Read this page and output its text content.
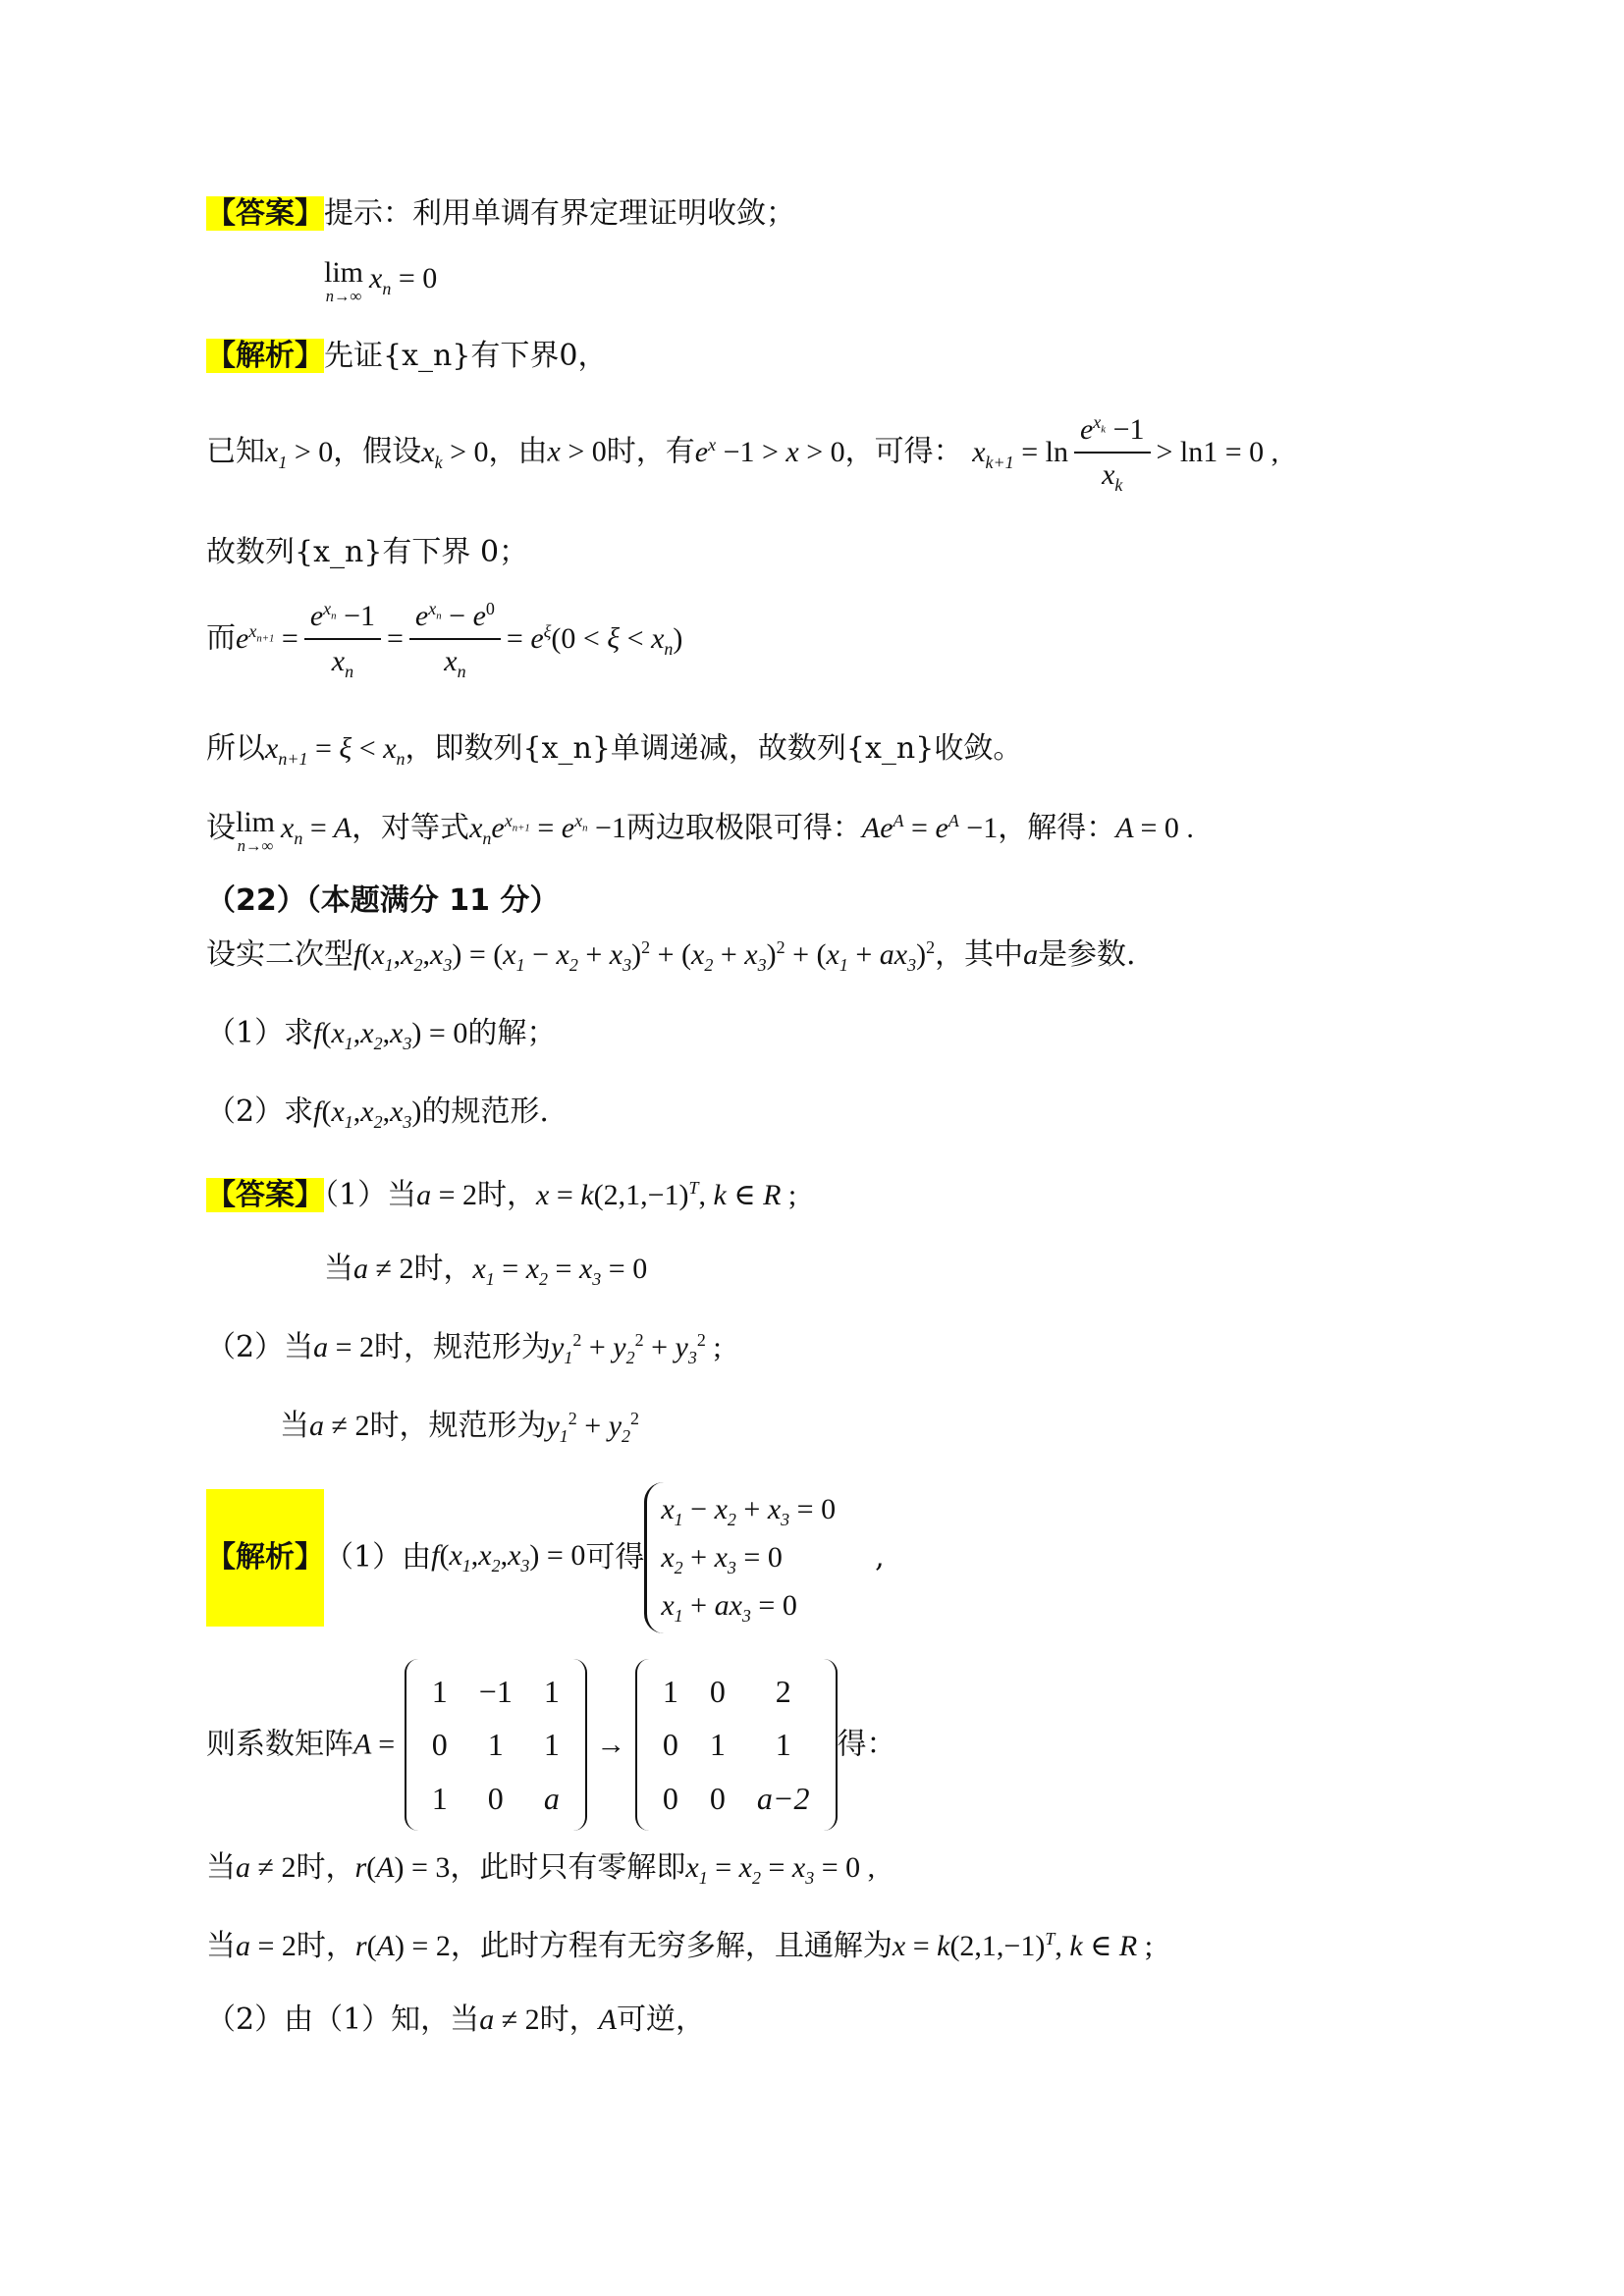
【答案】提示：利用单调有界定理证明收敛；
lim
n→∞
$x_n = 0$
【解析】先证{x_n}有下界0，
已知$x_1 > 0$，假设$x_k > 0$，由x > 0时，有$e^x -1 > x > 0$，可得： $x_{k+1} = \ln \frac{e^{x_k} -1}{x_k} > \ln 1 = 0$ ,
故数列{x_n}有下界 0；
而$e^{x_{n+1}} = \frac{e^{x_n} -1}{x_n} = \frac{e^{x_n} - e^0}{x_n} = e^\xi(0 < \xi < x_n)$
所以$x_{n+1} = \xi < x_n$，即数列{x_n}单调递减，故数列{x_n}收敛。
设 lim
n→∞
$x_n = A$，对等式$x_ne^{x_{n+1}} = e^{x_n} -1$两边取极限可得：$Ae^A = e^A -1$，解得：A = 0 .
（22）（本题满分 11 分）
设实二次型$f(x_1,x_2,x_3) = (x_1 - x_2 + x_3)^2 + (x_2 + x_3)^2 + (x_1 + ax_3)^2$，其中a是参数.
（1）求$f(x_1,x_2,x_3) = 0$的解；
（2）求$f(x_1,x_2,x_3)$的规范形.
【答案】（1）当a = 2时，$x = k(2,1,-1)^T$, k ∈ R ;
当a ≠ 2时，$x_1 = x_2 = x_3 = 0$
（2）当a = 2时，规范形为$y_1^2 + y_2^2 + y_3^2$ ;
当a ≠ 2时，规范形为$y_1^2 + y_2^2$
【解析】（1）由$f(x_1,x_2,x_3) = 0$可得
$x_1 - x_2 + x_3 = 0$
$x_2 + x_3 = 0$
$x_1 + ax_3 = 0$
,
则系数矩阵A =
1	−1	1
0	1	1
1	0	a
→
1	0	2
0	1	1
0	0	a−2
得：
当a ≠ 2时，r(A) = 3，此时只有零解即$x_1 = x_2 = x_3 = 0$ ,
当a = 2时，r(A) = 2，此时方程有无穷多解，且通解为$x = k(2,1,-1)^T$, k ∈ R ;
（2）由（1）知，当a ≠ 2时，A可逆，
